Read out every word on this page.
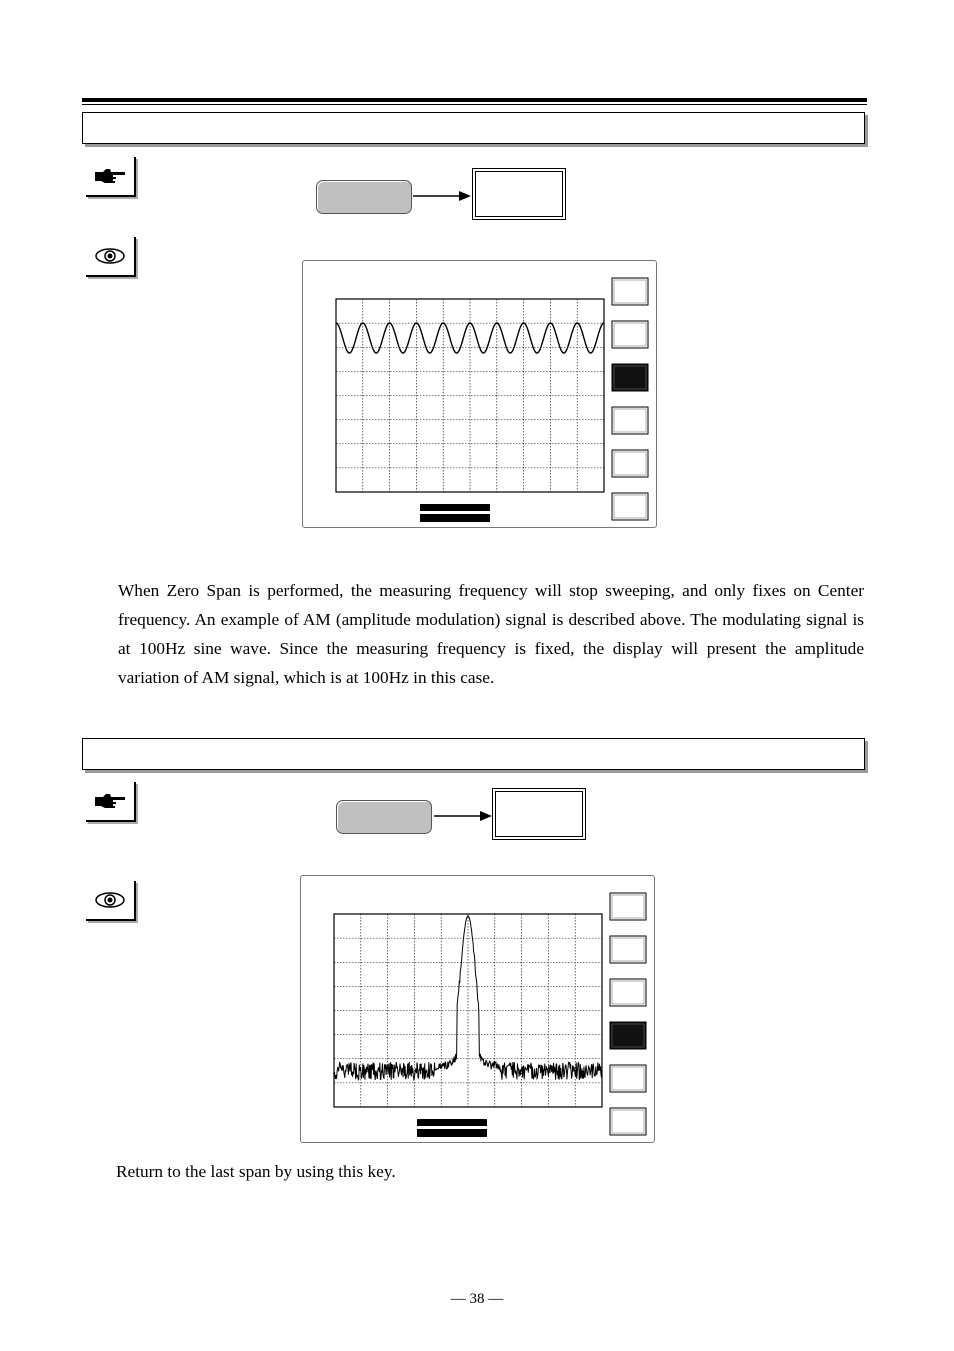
When Zero Span is performed, the measuring frequency will stop sweeping, and only fixes on Center frequency. An example of AM (amplitude modulation) signal is described above. The modulating signal is at 100Hz sine wave. Since the measuring frequency is fixed, the display will present the amplitude variation of AM signal, which is at 100Hz in this case.
Return to the last span by using this key.
— 38 —
